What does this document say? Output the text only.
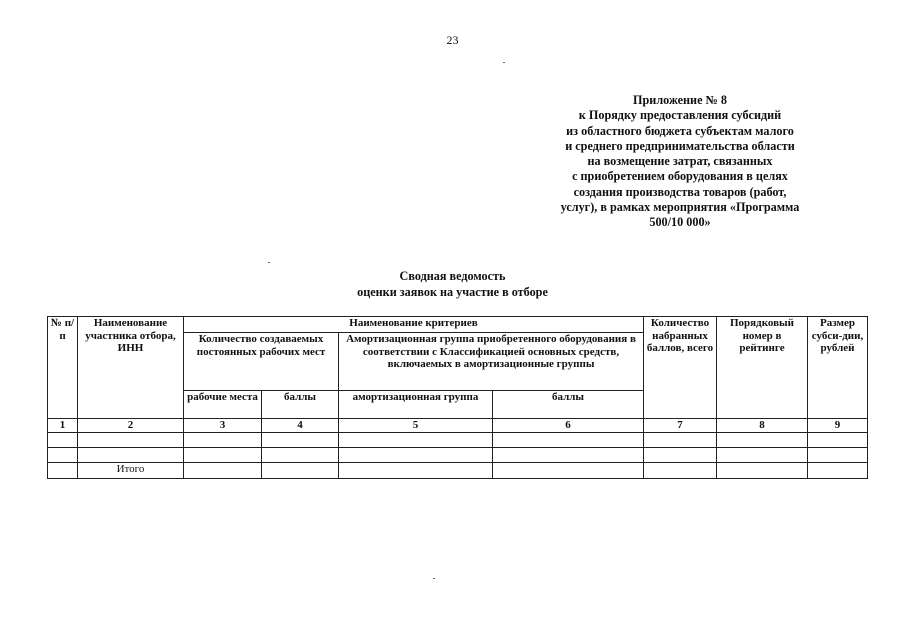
23
Приложение № 8
к Порядку предоставления субсидий
из областного бюджета субъектам малого
и среднего предпринимательства области
на возмещение затрат, связанных
с приобретением оборудования в целях
создания производства товаров (работ,
услуг), в рамках мероприятия «Программа
500/10 000»
Сводная ведомость
оценки заявок на участие в отборе
№ п/п	Наименование участника отбора, ИНН	Наименование критериев				Количество набранных баллов, всего	Порядковый номер в рейтинге	Размер субси-дии, рублей
		Количество создаваемых постоянных рабочих мест		Амортизационная группа приобретенного оборудования в соответствии с Классификацией основных средств, включаемых в амортизационные группы				
		рабочие места	баллы	амортизационная группа	баллы			
1	2	3	4	5	6	7	8	9

	Итого							
